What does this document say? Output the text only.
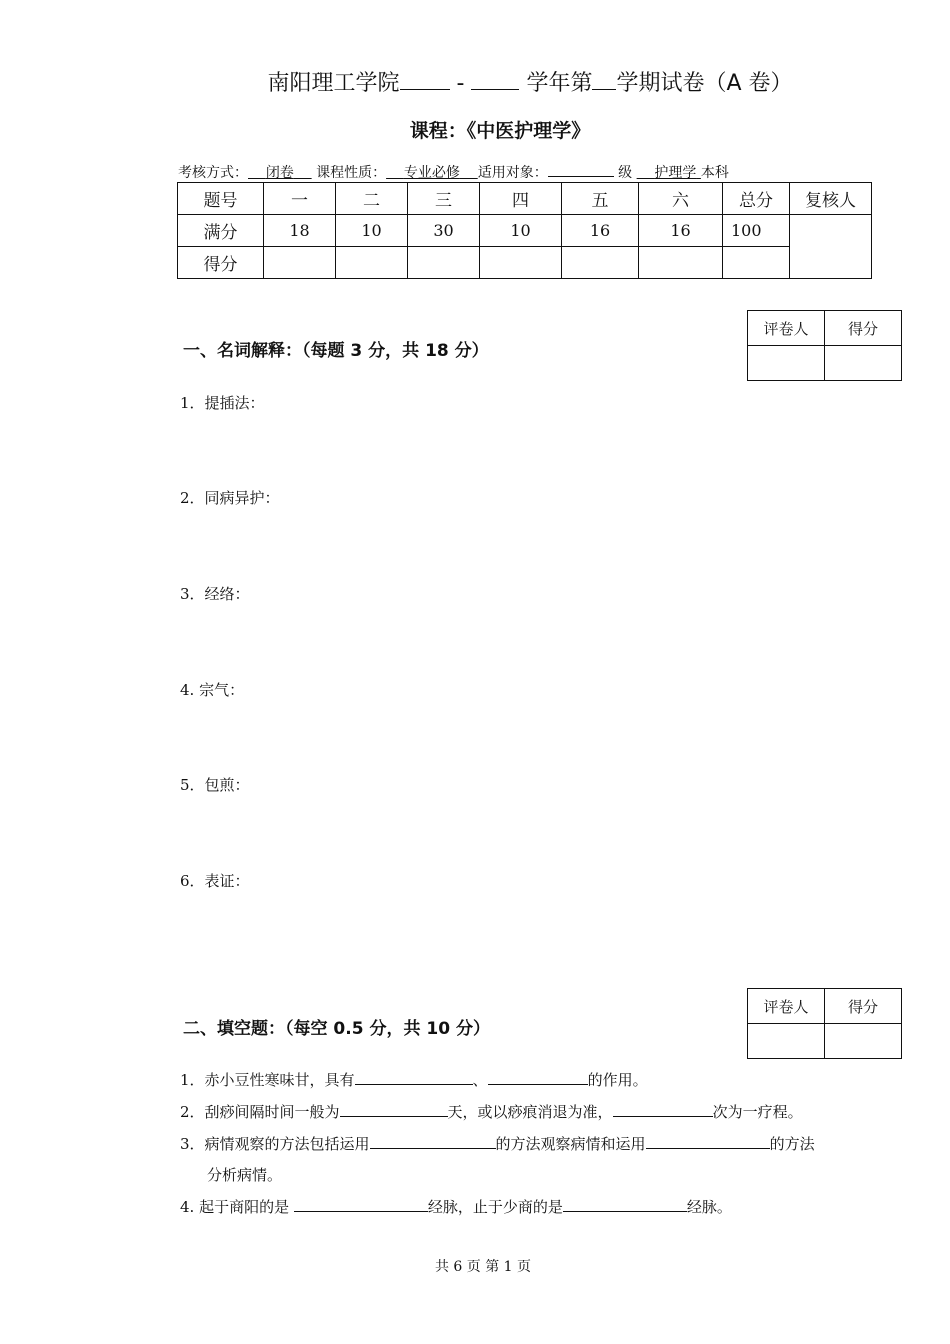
南阳理工学院	-	学年第 学期试卷（A 卷）
课程：《中医护理学》
考核方式： 闭卷 课程性质： 专业必修 适用对象：	级 护理学 本科
题号	一	二	三	四	五	六	总分	复核人
满分	18	10	30	10	16	16	100	
得分								
评卷人	得分

一、名词解释：（每题 3 分，共 18 分）
1．提插法：
2．同病异护：
3．经络：
4. 宗气：
5．包煎：
6．表证：
评卷人	得分

二、填空题：（每空 0.5 分，共 10 分）
1．赤小豆性寒味甘，具有	、	的作用。
2．刮痧间隔时间一般为	天，或以痧痕消退为准，	次为一疗程。
3．病情观察的方法包括运用	的方法观察病情和运用	的方法
分析病情。
4. 起于商阳的是	经脉，止于少商的是	经脉。
共 6 页 第 1 页
